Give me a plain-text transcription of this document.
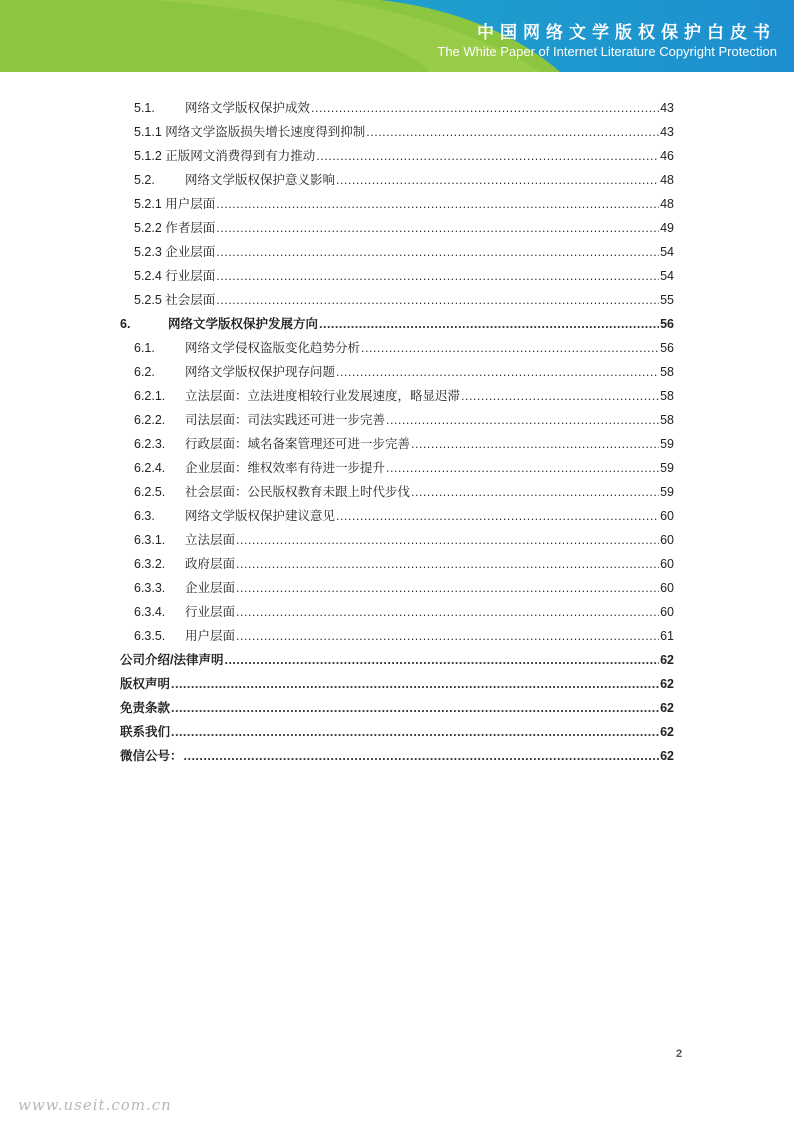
中国网络文学版权保护白皮书
The White Paper of Internet Literature Copyright Protection
5.1.	网络文学版权保护成效 .....	43
5.1.1 网络文学盗版损失增长速度得到抑制 .....	43
5.1.2 正版网文消费得到有力推动 .....	46
5.2.	网络文学版权保护意义影响 .....	48
5.2.1 用户层面 .....	48
5.2.2 作者层面 .....	49
5.2.3 企业层面 .....	54
5.2.4 行业层面 .....	54
5.2.5 社会层面 .....	55
6.	网络文学版权保护发展方向 .....	56
6.1.	网络文学侵权盗版变化趋势分析 .....	56
6.2.	网络文学版权保护现存问题 .....	58
6.2.1.	立法层面：立法进度相较行业发展速度，略显迟滞 .....	58
6.2.2.	司法层面：司法实践还可进一步完善 .....	58
6.2.3.	行政层面：域名备案管理还可进一步完善 .....	59
6.2.4.	企业层面：维权效率有待进一步提升 .....	59
6.2.5.	社会层面：公民版权教育未跟上时代步伐 .....	59
6.3.	网络文学版权保护建议意见 .....	60
6.3.1.	立法层面 .....	60
6.3.2.	政府层面 .....	60
6.3.3.	企业层面 .....	60
6.3.4.	行业层面 .....	60
6.3.5.	用户层面 .....	61
公司介绍/法律声明 .....	62
版权声明 .....	62
免责条款 .....	62
联系我们 .....	62
微信公号： .....	62
2
www.useit.com.cn
